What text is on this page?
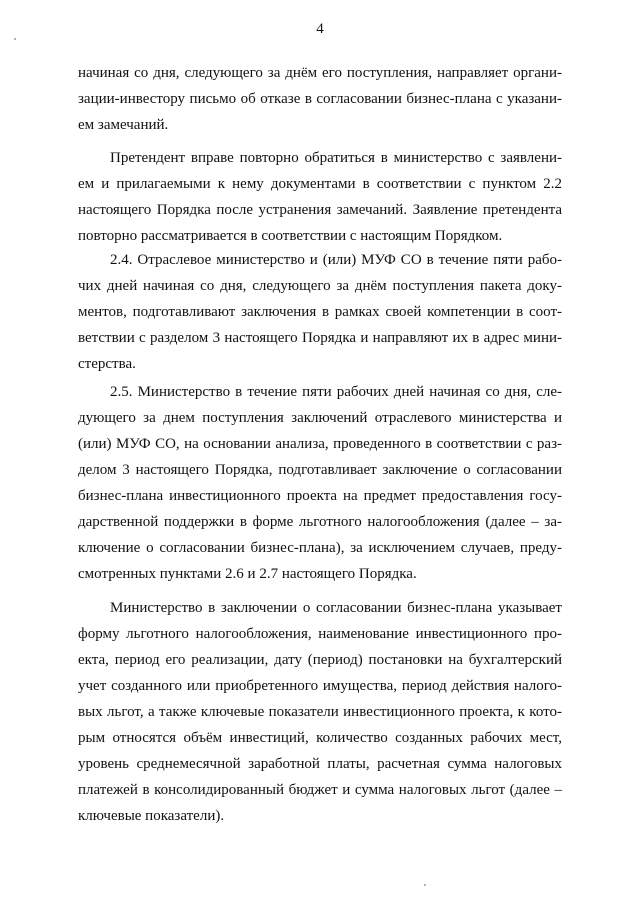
4
начиная со дня, следующего за днём его поступления, направляет органи-
зации-инвестору письмо об отказе в согласовании бизнес-плана с указани-
ем замечаний.
Претендент вправе повторно обратиться в министерство с заявлени-
ем и прилагаемыми к нему документами в соответствии с пунктом 2.2
настоящего Порядка после устранения замечаний. Заявление претендента
повторно рассматривается в соответствии с настоящим Порядком.
2.4. Отраслевое министерство и (или) МУФ СО в течение пяти рабо-
чих дней начиная со дня, следующего за днём поступления пакета доку-
ментов, подготавливают заключения в рамках своей компетенции в соот-
ветствии с разделом 3 настоящего Порядка и направляют их в адрес мини-
стерства.
2.5. Министерство в течение пяти рабочих дней начиная со дня, сле-
дующего за днем поступления заключений отраслевого министерства и
(или) МУФ СО, на основании анализа, проведенного в соответствии с раз-
делом 3 настоящего Порядка, подготавливает заключение о согласовании
бизнес-плана инвестиционного проекта на предмет предоставления госу-
дарственной поддержки в форме льготного налогообложения (далее – за-
ключение о согласовании бизнес-плана), за исключением случаев, преду-
смотренных пунктами 2.6 и 2.7 настоящего Порядка.
Министерство в заключении о согласовании бизнес-плана указывает
форму льготного налогообложения, наименование инвестиционного про-
екта, период его реализации, дату (период) постановки на бухгалтерский
учет созданного или приобретенного имущества, период действия налого-
вых льгот, а также ключевые показатели инвестиционного проекта, к кото-
рым относятся объём инвестиций, количество созданных рабочих мест,
уровень среднемесячной заработной платы, расчетная сумма налоговых
платежей в консолидированный бюджет и сумма налоговых льгот (далее –
ключевые показатели).
